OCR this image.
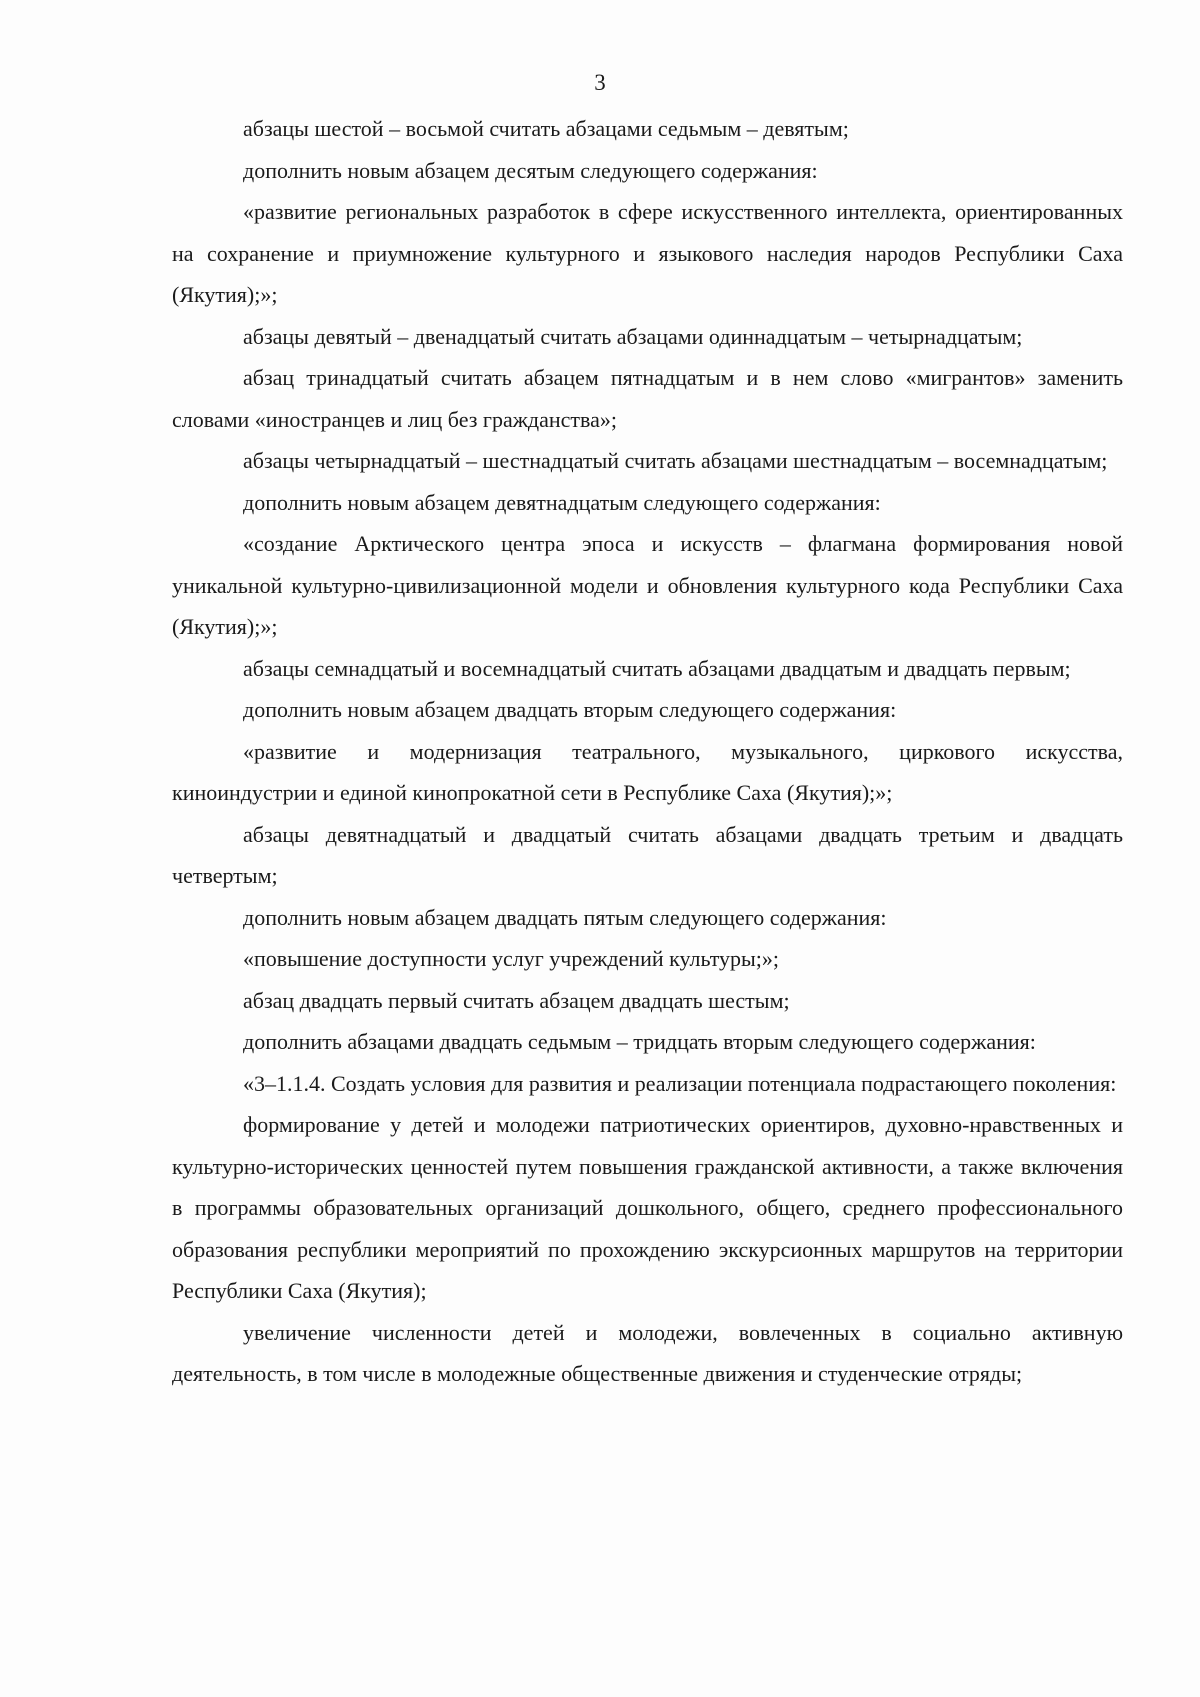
3

абзацы шестой – восьмой считать абзацами седьмым – девятым;

дополнить новым абзацем десятым следующего содержания:

«развитие региональных разработок в сфере искусственного интеллекта, ориентированных на сохранение и приумножение культурного и языкового наследия народов Республики Саха (Якутия);»;

абзацы девятый – двенадцатый считать абзацами одиннадцатым – четырнадцатым;

абзац тринадцатый считать абзацем пятнадцатым и в нем слово «мигрантов» заменить словами «иностранцев и лиц без гражданства»;

абзацы четырнадцатый – шестнадцатый считать абзацами шестнадцатым – восемнадцатым;

дополнить новым абзацем девятнадцатым следующего содержания:

«создание Арктического центра эпоса и искусств – флагмана формирования новой уникальной культурно-цивилизационной модели и обновления культурного кода Республики Саха (Якутия);»;

абзацы семнадцатый и восемнадцатый считать абзацами двадцатым и двадцать первым;

дополнить новым абзацем двадцать вторым следующего содержания:

«развитие и модернизация театрального, музыкального, циркового искусства, киноиндустрии и единой кинопрокатной сети в Республике Саха (Якутия);»;

абзацы девятнадцатый и двадцатый считать абзацами двадцать третьим и двадцать четвертым;

дополнить новым абзацем двадцать пятым следующего содержания:

«повышение доступности услуг учреждений культуры;»;

абзац двадцать первый считать абзацем двадцать шестым;

дополнить абзацами двадцать седьмым – тридцать вторым следующего содержания:

«3–1.1.4. Создать условия для развития и реализации потенциала подрастающего поколения:

формирование у детей и молодежи патриотических ориентиров, духовно-нравственных и культурно-исторических ценностей путем повышения гражданской активности, а также включения в программы образовательных организаций дошкольного, общего, среднего профессионального образования республики мероприятий по прохождению экскурсионных маршрутов на территории Республики Саха (Якутия);

увеличение численности детей и молодежи, вовлеченных в социально активную деятельность, в том числе в молодежные общественные движения и студенческие отряды;
